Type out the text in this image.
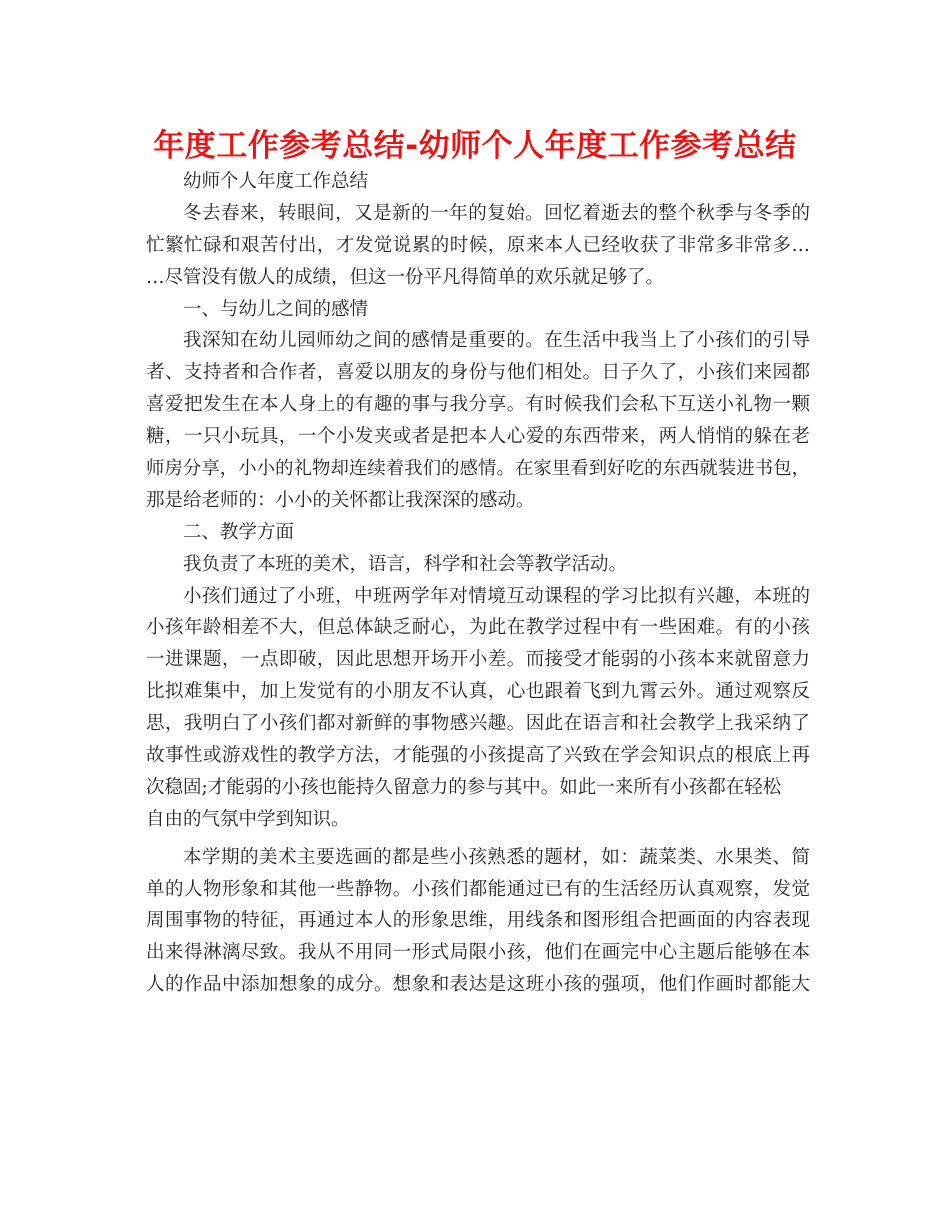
年度工作参考总结-幼师个人年度工作参考总结
幼师个人年度工作总结
冬去春来，转眼间，又是新的一年的复始。回忆着逝去的整个秋季与冬季的
忙繁忙碌和艰苦付出，才发觉说累的时候，原来本人已经收获了非常多非常多…
…尽管没有傲人的成绩，但这一份平凡得简单的欢乐就足够了。
一、与幼儿之间的感情
我深知在幼儿园师幼之间的感情是重要的。在生活中我当上了小孩们的引导
者、支持者和合作者，喜爱以朋友的身份与他们相处。日子久了，小孩们来园都
喜爱把发生在本人身上的有趣的事与我分享。有时候我们会私下互送小礼物一颗
糖，一只小玩具，一个小发夹或者是把本人心爱的东西带来，两人悄悄的躲在老
师房分享，小小的礼物却连续着我们的感情。在家里看到好吃的东西就装进书包，
那是给老师的：小小的关怀都让我深深的感动。
二、教学方面
我负责了本班的美术，语言，科学和社会等教学活动。
小孩们通过了小班，中班两学年对情境互动课程的学习比拟有兴趣，本班的
小孩年龄相差不大，但总体缺乏耐心，为此在教学过程中有一些困难。有的小孩
一进课题，一点即破，因此思想开场开小差。而接受才能弱的小孩本来就留意力
比拟难集中，加上发觉有的小朋友不认真，心也跟着飞到九霄云外。通过观察反
思，我明白了小孩们都对新鲜的事物感兴趣。因此在语言和社会教学上我采纳了
故事性或游戏性的教学方法，才能强的小孩提高了兴致在学会知识点的根底上再
次稳固;才能弱的小孩也能持久留意力的参与其中。如此一来所有小孩都在轻松
自由的气氛中学到知识。
本学期的美术主要选画的都是些小孩熟悉的题材，如：蔬菜类、水果类、简
单的人物形象和其他一些静物。小孩们都能通过已有的生活经历认真观察，发觉
周围事物的特征，再通过本人的形象思维，用线条和图形组合把画面的内容表现
出来得淋漓尽致。我从不用同一形式局限小孩，他们在画完中心主题后能够在本
人的作品中添加想象的成分。想象和表达是这班小孩的强项，他们作画时都能大
